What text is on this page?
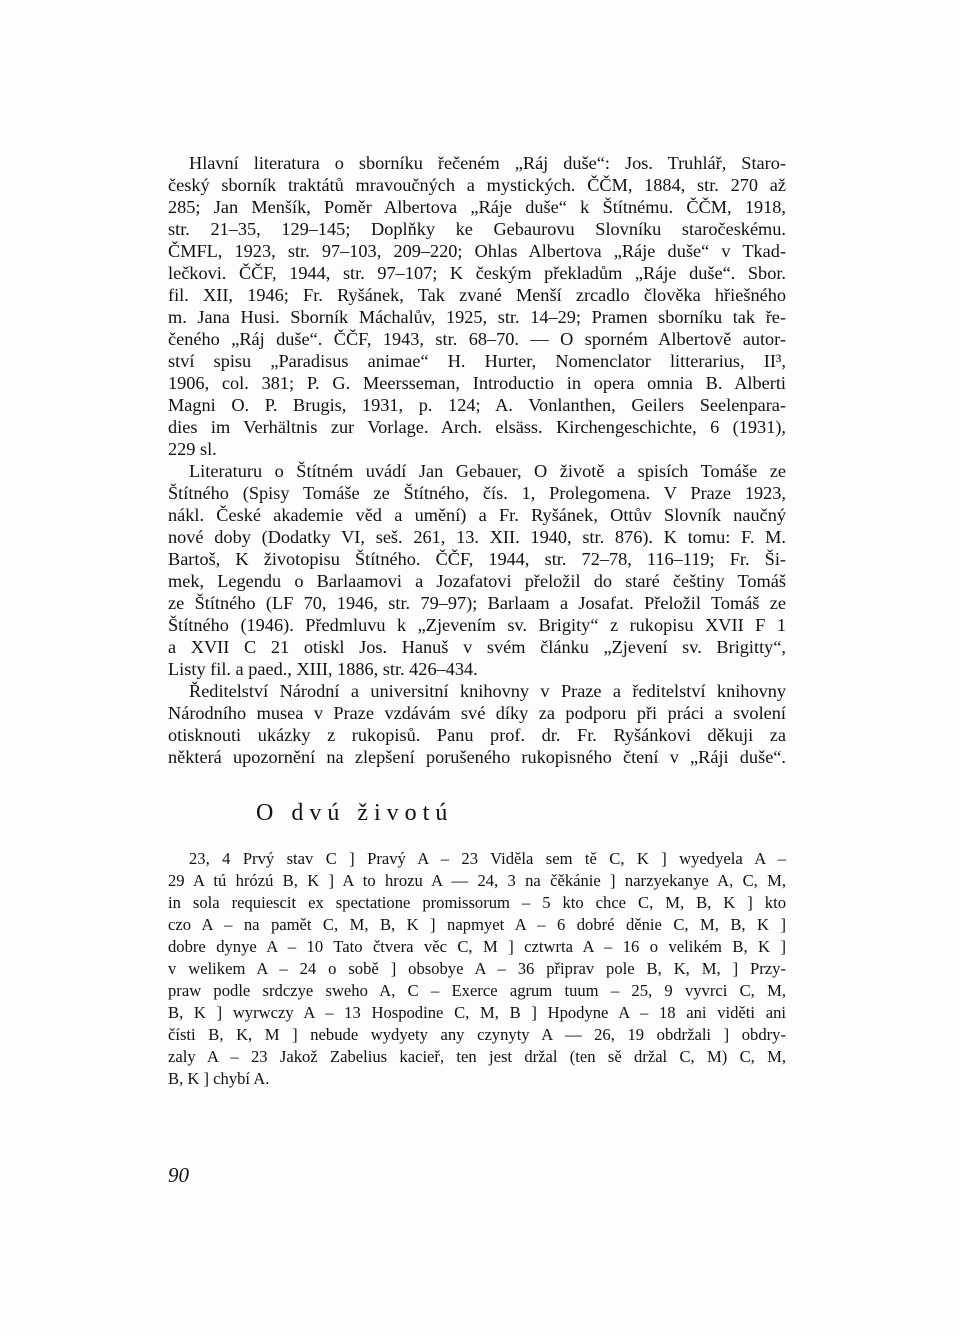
Hlavní literatura o sborníku řečeném „Ráj duše“: Jos. Truhlář, Staro-
český sborník traktátů mravoučných a mystických. ČČM, 1884, str. 270 až
285; Jan Menšík, Poměr Albertova „Ráje duše“ k Štítnému. ČČM, 1918,
str. 21–35, 129–145; Doplňky ke Gebaurovu Slovníku staročeskému.
ČMFL, 1923, str. 97–103, 209–220; Ohlas Albertova „Ráje duše“ v Tkad-
lečkovi. ČČF, 1944, str. 97–107; K českým překladům „Ráje duše“. Sbor.
fil. XII, 1946; Fr. Ryšánek, Tak zvané Menší zrcadlo člověka hřiešného
m. Jana Husi. Sborník Máchalův, 1925, str. 14–29; Pramen sborníku tak ře-
čeného „Ráj duše“. ČČF, 1943, str. 68–70. — O sporném Albertově autor-
ství spisu „Paradisus animae“ H. Hurter, Nomenclator litterarius, II³,
1906, col. 381; P. G. Meersseman, Introductio in opera omnia B. Alberti
Magni O. P. Brugis, 1931, p. 124; A. Vonlanthen, Geilers Seelenpara-
dies im Verhältnis zur Vorlage. Arch. elsäss. Kirchengeschichte, 6 (1931),
229 sl.
Literaturu o Štítném uvádí Jan Gebauer, O životě a spisích Tomáše ze
Štítného (Spisy Tomáše ze Štítného, čís. 1, Prolegomena. V Praze 1923,
nákl. České akademie věd a umění) a Fr. Ryšánek, Ottův Slovník naučný
nové doby (Dodatky VI, seš. 261, 13. XII. 1940, str. 876). K tomu: F. M.
Bartoš, K životopisu Štítného. ČČF, 1944, str. 72–78, 116–119; Fr. Ši-
mek, Legendu o Barlaamovi a Jozafatovi přeložil do staré češtiny Tomáš
ze Štítného (LF 70, 1946, str. 79–97); Barlaam a Josafat. Přeložil Tomáš ze
Štítného (1946). Předmluvu k „Zjevením sv. Brigity“ z rukopisu XVII F 1
a XVII C 21 otiskl Jos. Hanuš v svém článku „Zjevení sv. Brigitty“,
Listy fil. a paed., XIII, 1886, str. 426–434.
Ředitelství Národní a universitní knihovny v Praze a ředitelství knihovny
Národního musea v Praze vzdávám své díky za podporu při práci a svolení
otisknouti ukázky z rukopisů. Panu prof. dr. Fr. Ryšánkovi děkuji za
některá upozornění na zlepšení porušeného rukopisného čtení v „Ráji duše“.
O dvú životú
23, 4 Prvý stav C ] Pravý A – 23 Viděla sem tě C, K ] wyedyela A –
29 A tú hrózú B, K ] A to hrozu A — 24, 3 na čěkánie ] narzyekanye A, C, M,
in sola requiescit ex spectatione promissorum – 5 kto chce C, M, B, K ] kto
czo A – na pamět C, M, B, K ] napmyet A – 6 dobré děnie C, M, B, K ]
dobre dynye A – 10 Tato čtvera věc C, M ] cztwrta A – 16 o velikém B, K ]
v welikem A – 24 o sobě ] obsobye A – 36 připrav pole B, K, M, ] Przy-
praw podle srdczye sweho A, C – Exerce agrum tuum – 25, 9 vyvrci C, M,
B, K ] wyrwczy A – 13 Hospodine C, M, B ] Hpodyne A – 18 ani viděti ani
čísti B, K, M ] nebude wydyety any czynyty A — 26, 19 obdržali ] obdry-
zaly A – 23 Jakož Zabelius kacieř, ten jest držal (ten sě držal C, M) C, M,
B, K ] chybí A.
90
